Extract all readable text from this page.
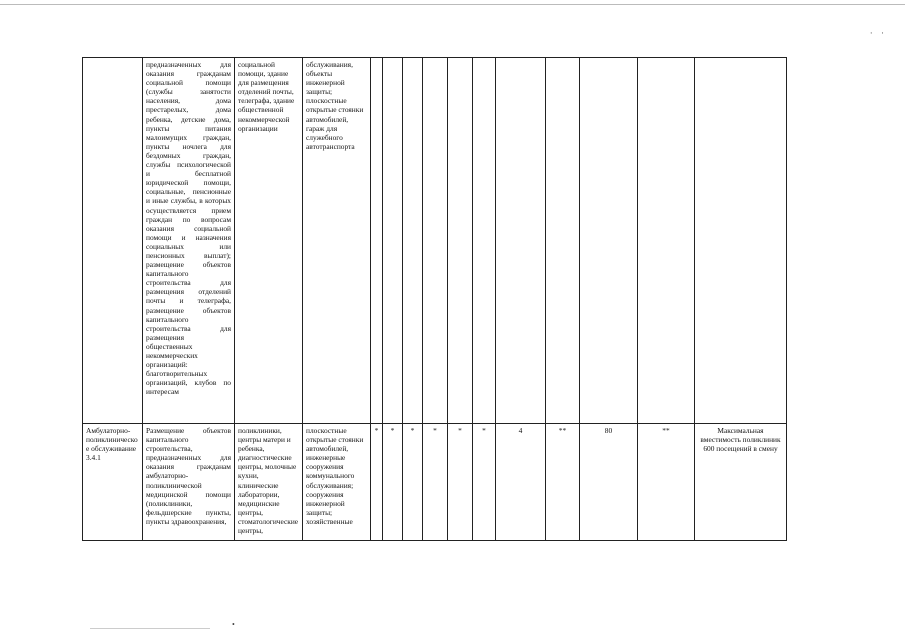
· ·
	предназначенных для оказания гражданам социальной помощи (службы занятости населения, дома престарелых, дома ребенка, детские дома, пункты питания малоимущих граждан, пункты ночлега для бездомных граждан, службы психологической и бесплатной юридической помощи, социальные, пенсионные и иные службы, в которых осуществляется прием граждан по вопросам оказания социальной помощи и назначения социальных или пенсионных выплат); размещение объектов капитального строительства для размещения отделений почты и телеграфа, размещение объектов капитального строительства для размещения общественных некоммерческих организаций: благотворительных организаций, клубов по интересам	социальной помощи, здание для размещения отделений почты, телеграфа, здание общественной некоммерческой организации	обслуживания, объекты инженерной защиты; плоскостные открытые стоянки автомобилей, гараж для служебного автотранспорта											
Амбулаторно-поликлиническое обслуживание 3.4.1	Размещение объектов капитального строительства, предназначенных для оказания гражданам амбулаторно-поликлинической медицинской помощи (поликлиники, фельдшерские пункты, пункты здравоохранения,	поликлиники, центры матери и ребенка, диагностические центры, молочные кухни, клинические лаборатории, медицинские центры, стоматологические центры,	плоскостные открытые стоянки автомобилей, инженерные сооружения коммунального обслуживания; сооружения инженерной защиты; хозяйственные	*	*	*	*	*	*	4	**	80	**	Максимальная вместимость поликлиник 600 посещений в смену
•
